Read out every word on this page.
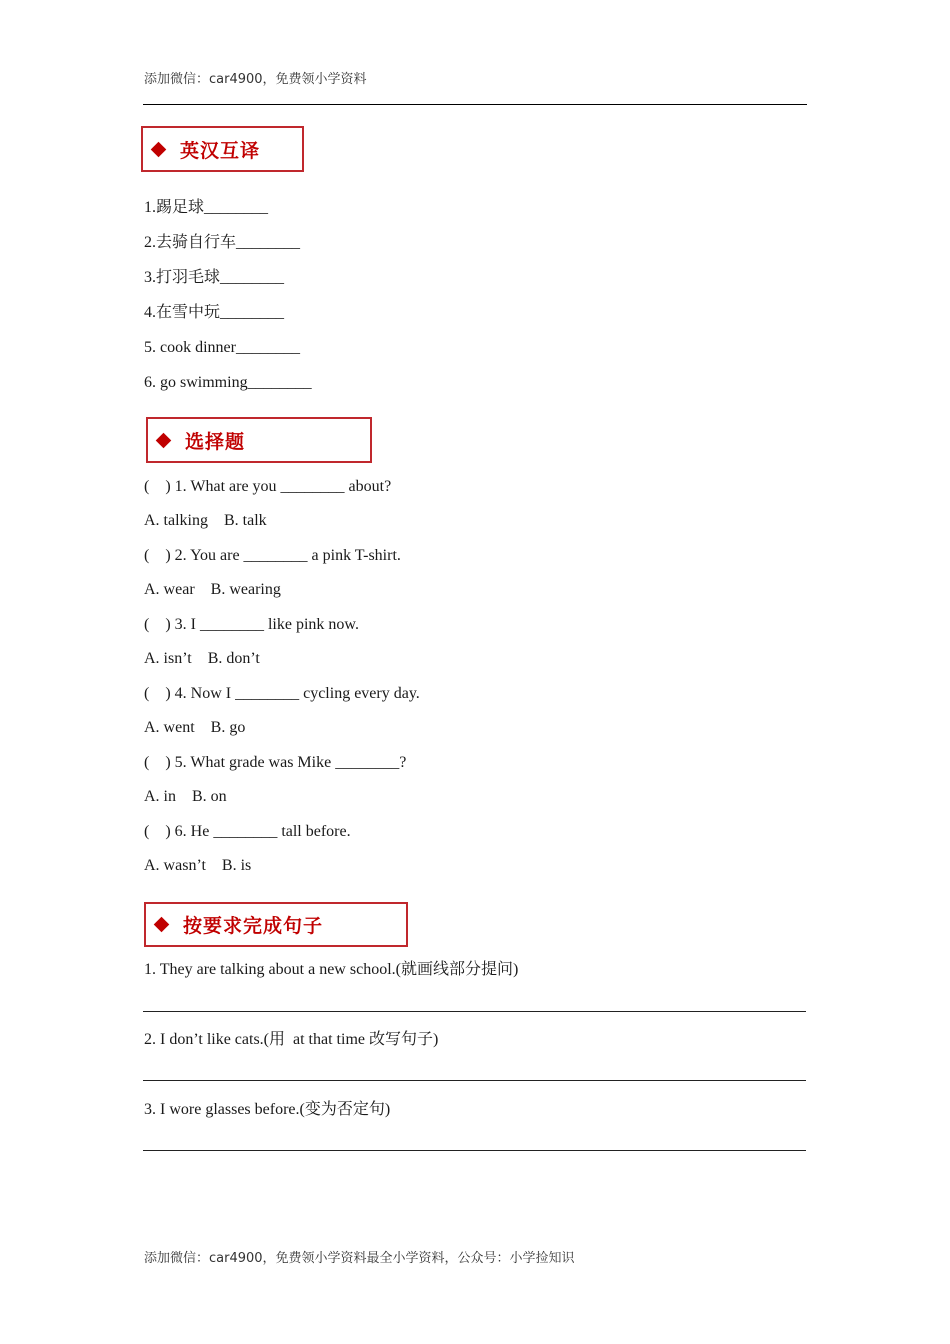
添加微信：car4900，免费领小学资料
英汉互译
1.踢足球________
2.去骑自行车________
3.打羽毛球________
4.在雪中玩________
5. cook dinner________
6. go swimming________
选择题
(    ) 1. What are you ________ about?
A. talking    B. talk
(    ) 2. You are ________ a pink T-shirt.
A. wear    B. wearing
(    ) 3. I ________ like pink now.
A. isn’t    B. don’t
(    ) 4. Now I ________ cycling every day.
A. went    B. go
(    ) 5. What grade was Mike ________?
A. in    B. on
(    ) 6. He ________ tall before.
A. wasn’t    B. is
按要求完成句子
1. They are talking about a new school.(就画线部分提问)
2. I don’t like cats.(用  at that time 改写句子)
3. I wore glasses before.(变为否定句)
添加微信：car4900，免费领小学资料最全小学资料，公众号：小学捡知识
